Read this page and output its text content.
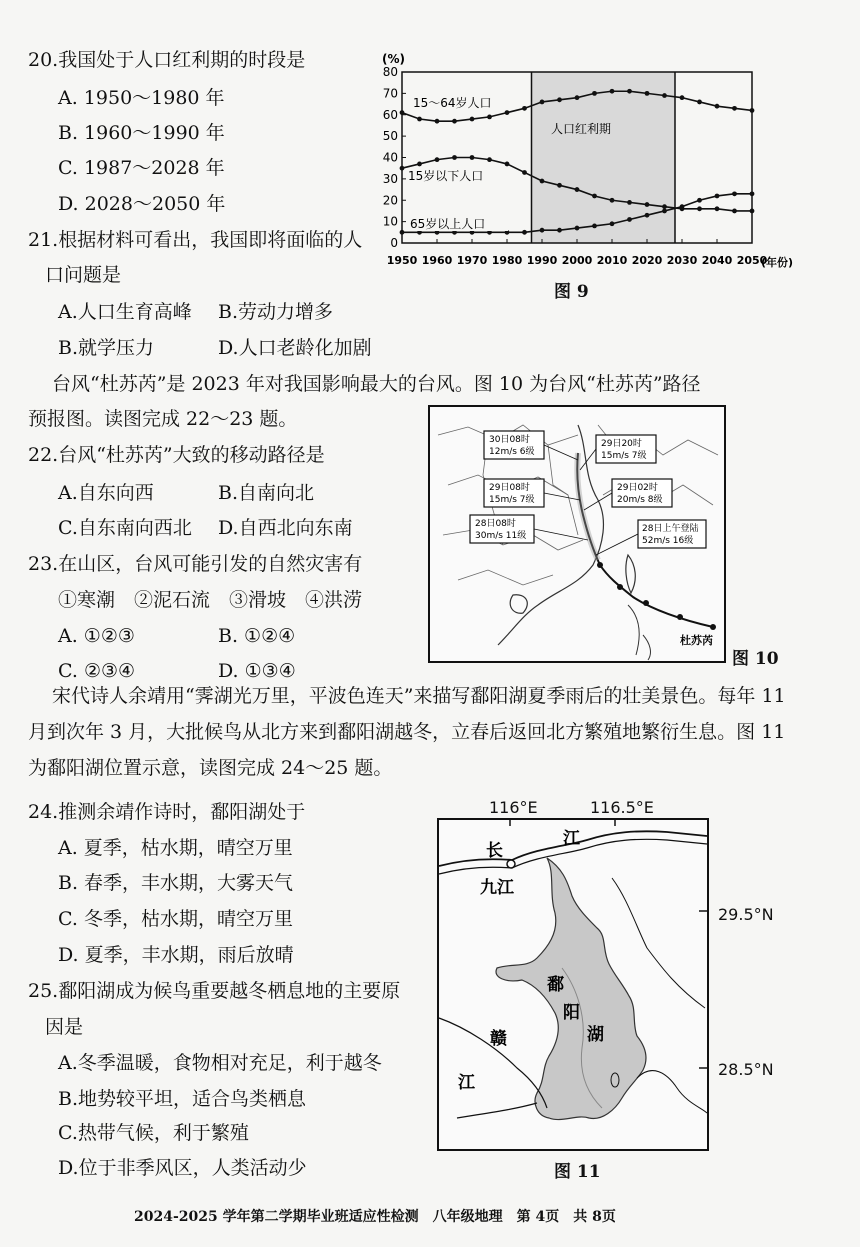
20.我国处于人口红利期的时段是
A. 1950～1980 年
B. 1960～1990 年
C. 1987～2028 年
D. 2028～2050 年
21.根据材料可看出，我国即将面临的人
口问题是
A.人口生育高峰 B.劳动力增多
B.就学压力	D.人口老龄化加剧
0
10
20
30
40
50
60
70
80
1950 1960 1970 1980 1990 2000 2010 2020 2030 2040 2050
(%)
(年份)
人口红利期
15～64岁人口
15岁以下人口
65岁以上人口
图 9
台风“杜苏芮”是 2023 年对我国影响最大的台风。图 10 为台风“杜苏芮”路径
预报图。读图完成 22～23 题。
22.台风“杜苏芮”大致的移动路径是
A.自东向西	B.自南向北
C.自东南向西北 D.自西北向东南
23.在山区，台风可能引发的自然灾害有
①寒潮　②泥石流　③滑坡　④洪涝
A. ①②③	B. ①②④
C. ②③④	D. ①③④
30日08时
12m/s 6级
29日20时
15m/s 7级
29日08时
15m/s 7级
29日02时
20m/s 8级
28日08时
30m/s 11级
28日上午登陆
52m/s 16级
杜苏芮
图 10
宋代诗人余靖用“霁湖光万里，平波色连天”来描写鄱阳湖夏季雨后的壮美景色。每年 11 月到次年 3 月，大批候鸟从北方来到鄱阳湖越冬，立春后返回北方繁殖地繁衍生息。图 11 为鄱阳湖位置示意，读图完成 24～25 题。
24.推测余靖作诗时，鄱阳湖处于
A. 夏季，枯水期，晴空万里
B. 春季，丰水期，大雾天气
C. 冬季，枯水期，晴空万里
D. 夏季，丰水期，雨后放晴
25.鄱阳湖成为候鸟重要越冬栖息地的主要原
因是
A.冬季温暖，食物相对充足，利于越冬
B.地势较平坦，适合鸟类栖息
C.热带气候，利于繁殖
D.位于非季风区，人类活动少
116°E	116.5°E
29.5°N
28.5°N
九江
长
江
赣
江
鄱
阳
湖
图 11
2024-2025 学年第二学期毕业班适应性检测　八年级地理　第 4页　共 8页
